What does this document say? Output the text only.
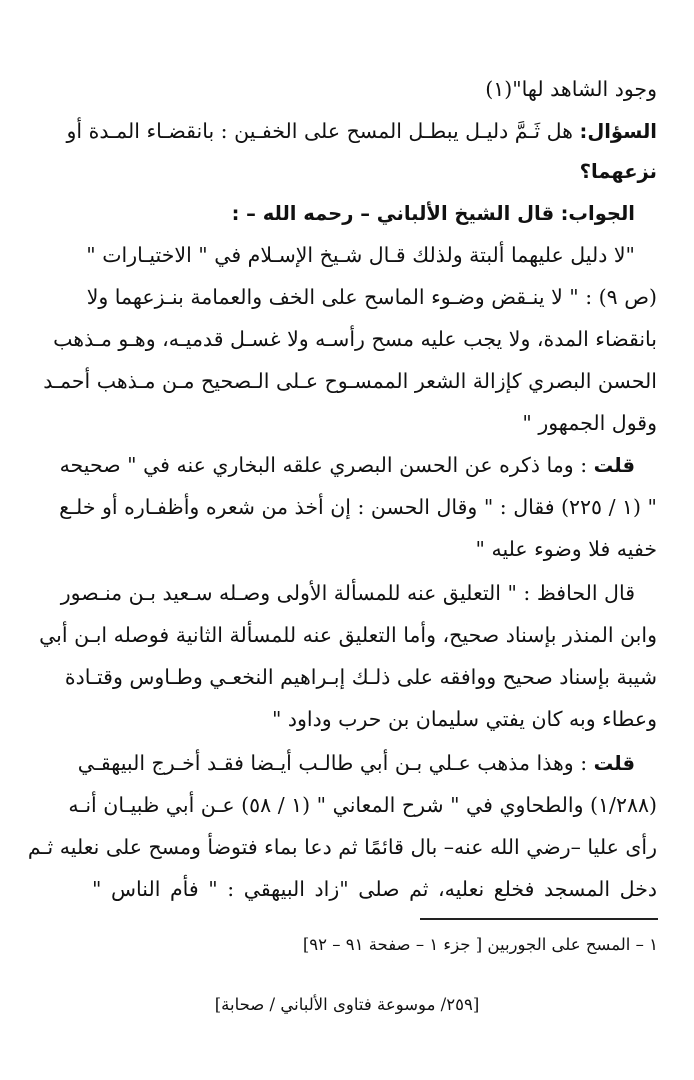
وجود الشاهد لها"(١)
السؤال: هل ثَـمَّ دليـل يبطـل المسح على الخفـين : بانقضـاء المـدة أو
نزعهما؟
الجواب: قال الشيخ الألباني – رحمه الله – :
"لا دليل عليهما ألبتة ولذلك قـال شـيخ الإسـلام في " الاختيـارات "
(ص ٩) : " لا ينـقض وضـوء الماسح على الخف والعمامة بنـزعهما ولا
بانقضاء المدة، ولا يجب عليه مسح رأسـه ولا غسـل قدميـه، وهـو مـذهب
الحسن البصري كإزالة الشعر الممسـوح عـلى الـصحيح مـن مـذهب أحمـد
وقول الجمهور "
قلت : وما ذكره عن الحسن البصري علقه البخاري عنه في " صحيحه
" (١ / ٢٢٥) فقال : " وقال الحسن : إن أخذ من شعره وأظفـاره أو خلـع
خفيه فلا وضوء عليه "
قال الحافظ : " التعليق عنه للمسألة الأولى وصـله سـعيد بـن منـصور
وابن المنذر بإسناد صحيح، وأما التعليق عنه للمسألة الثانية فوصله ابـن أبي
شيبة بإسناد صحيح ووافقه على ذلـك إبـراهيم النخعـي وطـاوس وقتـادة
وعطاء وبه كان يفتي سليمان بن حرب وداود "
قلت : وهذا مذهب عـلي بـن أبي طالـب أيـضا فقـد أخـرج البيهقـي
(١/٢٨٨) والطحاوي في " شرح المعاني " (١ / ٥٨) عـن أبي ظبيـان أنـه
رأى عليا –رضي الله عنه– بال قائمًا ثم دعا بماء فتوضأ ومسح على نعليه ثـم
دخل المسجد فخلع نعليه، ثم صلى "زاد البيهقي : " فأم الناس "
١ – المسح على الجوربين [ جزء ١ – صفحة ٩١ – ٩٢]
[٢٥٩/ موسوعة فتاوى الألباني / صحابة]
